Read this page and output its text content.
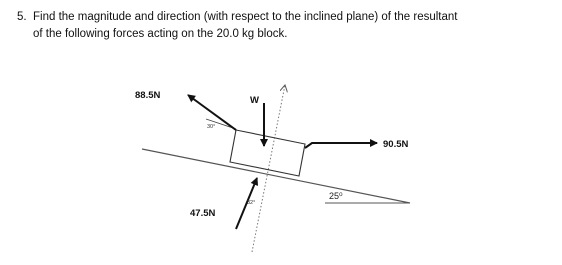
5. Find the magnitude and direction (with respect to the inclined plane) of the resultant
of the following forces acting on the 20.0 kg block.
88.5N
30°
W
90.5N
47.5N
32°
25⁰
